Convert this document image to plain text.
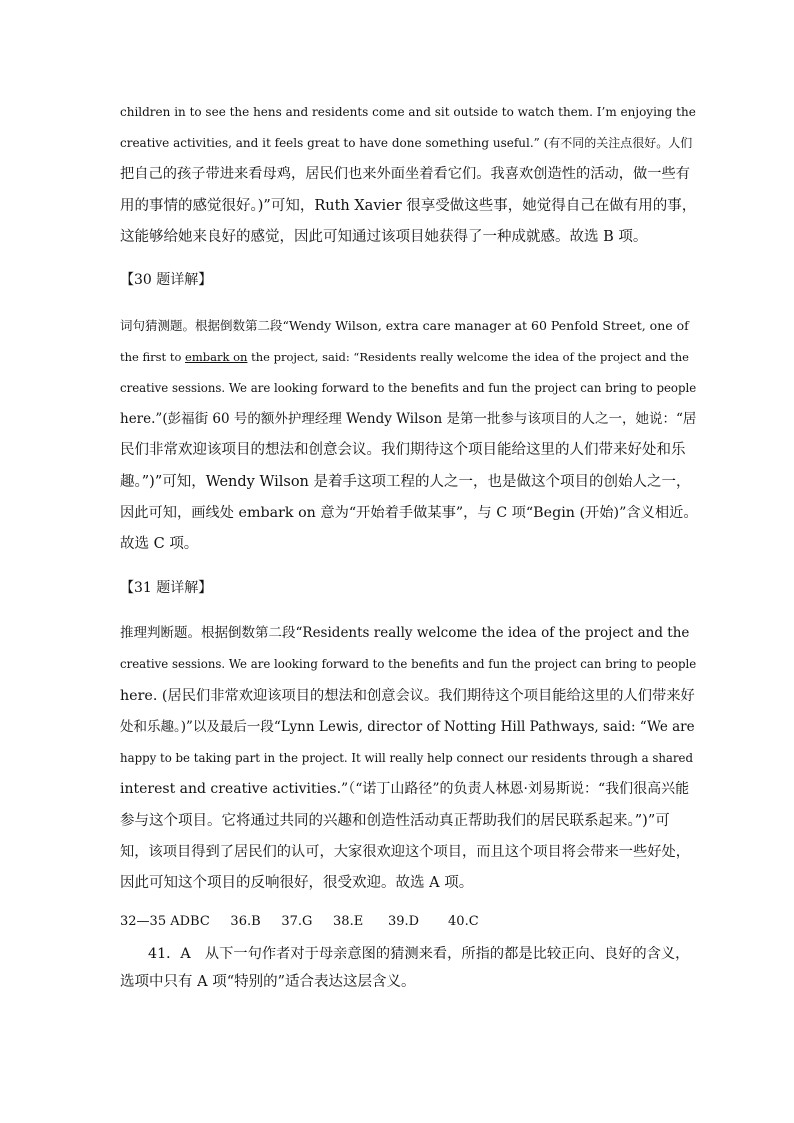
children in to see the hens and residents come and sit outside to watch them. I’m enjoying the
creative activities, and it feels great to have done something useful.” (有不同的关注点很好。人们
把自己的孩子带进来看母鸡，居民们也来外面坐着看它们。我喜欢创造性的活动，做一些有
用的事情的感觉很好。)”可知，Ruth Xavier 很享受做这些事，她觉得自己在做有用的事，
这能够给她来良好的感觉，因此可知通过该项目她获得了一种成就感。故选 B 项。
【30 题详解】
词句猜测题。根据倒数第二段“Wendy Wilson, extra care manager at 60 Penfold Street, one of
the first to embark on the project, said: “Residents really welcome the idea of the project and the
creative sessions. We are looking forward to the benefits and fun the project can bring to people
here.”(彭福街 60 号的额外护理经理 Wendy Wilson 是第一批参与该项目的人之一，她说：“居
民们非常欢迎该项目的想法和创意会议。我们期待这个项目能给这里的人们带来好处和乐
趣。”)”可知，Wendy Wilson 是着手这项工程的人之一，也是做这个项目的创始人之一，
因此可知，画线处 embark on 意为“开始着手做某事”，与 C 项“Begin (开始)”含义相近。
故选 C 项。
【31 题详解】
推理判断题。根据倒数第二段“Residents really welcome the idea of the project and the
creative sessions. We are looking forward to the benefits and fun the project can bring to people
here. (居民们非常欢迎该项目的想法和创意会议。我们期待这个项目能给这里的人们带来好
处和乐趣。)”以及最后一段“Lynn Lewis, director of Notting Hill Pathways, said: “We are
happy to be taking part in the project. It will really help connect our residents through a shared
interest and creative activities.”（“诺丁山路径”的负责人林恩·刘易斯说：“我们很高兴能
参与这个项目。它将通过共同的兴趣和创造性活动真正帮助我们的居民联系起来。”)”可
知，该项目得到了居民们的认可，大家很欢迎这个项目，而且这个项目将会带来一些好处，
因此可知这个项目的反响很好，很受欢迎。故选 A 项。
32—35 ADBC     36.B     37.G     38.E      39.D       40.C
41．A　从下一句作者对于母亲意图的猜测来看，所指的都是比较正向、良好的含义，
选项中只有 A 项“特别的”适合表达这层含义。
